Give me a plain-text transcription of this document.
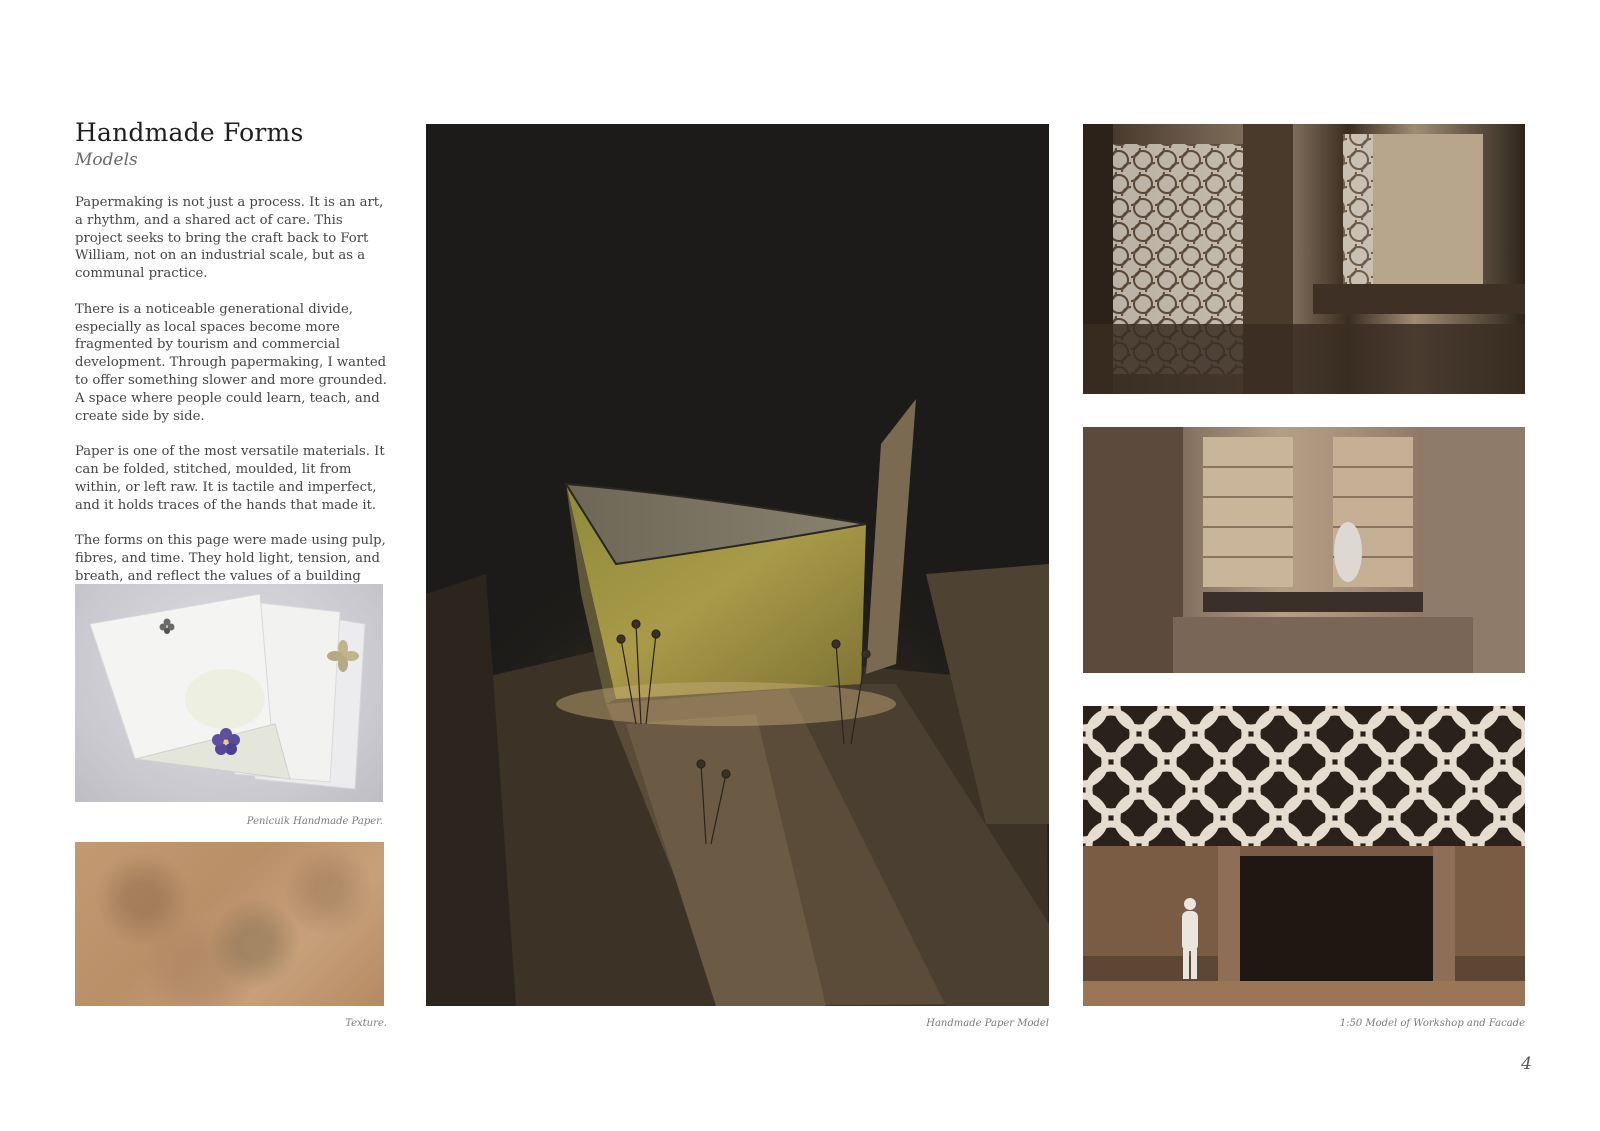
Handmade Forms
Models

Papermaking is not just a process. It is an art, a rhythm, and a shared act of care. This project seeks to bring the craft back to Fort William, not on an industrial scale, but as a communal practice.

There is a noticeable generational divide, especially as local spaces become more fragmented by tourism and commercial development. Through papermaking, I wanted to offer something slower and more grounded. A space where people could learn, teach, and create side by side.

Paper is one of the most versatile materials. It can be folded, stitched, moulded, lit from within, or left raw. It is tactile and imperfect, and it holds traces of the hands that made it.

The forms on this page were made using pulp, fibres, and time. They hold light, tension, and breath, and reflect the values of a building

Penicuik Handmade Paper.
Texture.	Handmade Paper Model	1:50 Model of Workshop and Facade
4
